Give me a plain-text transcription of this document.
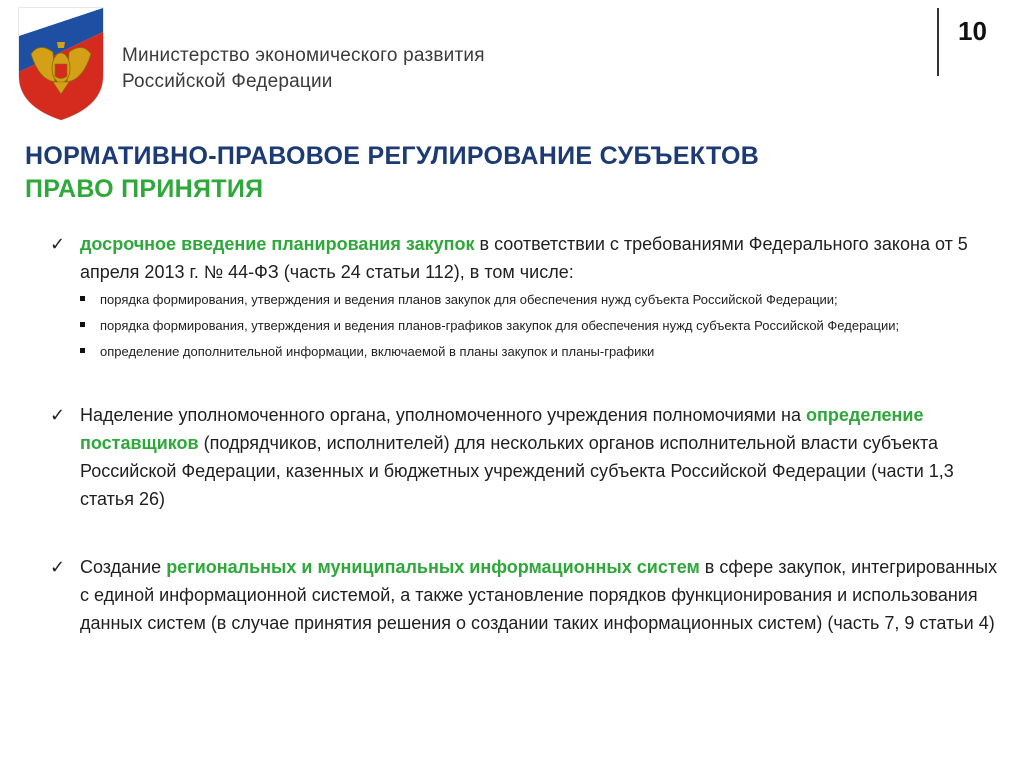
Министерство экономического развития
Российской Федерации
10
НОРМАТИВНО-ПРАВОВОЕ РЕГУЛИРОВАНИЕ СУБЪЕКТОВ
ПРАВО ПРИНЯТИЯ
✓ досрочное введение планирования закупок в соответствии с требованиями Федерального закона от 5 апреля 2013 г. № 44-ФЗ (часть 24 статьи 112), в том числе:
порядка формирования, утверждения и ведения планов закупок для обеспечения нужд субъекта Российской Федерации;
порядка формирования, утверждения и ведения планов-графиков закупок для обеспечения нужд субъекта Российской Федерации;
определение дополнительной информации, включаемой в планы закупок и планы-графики
✓ Наделение уполномоченного органа, уполномоченного учреждения полномочиями на определение поставщиков (подрядчиков, исполнителей) для нескольких органов исполнительной власти субъекта Российской Федерации, казенных и бюджетных учреждений субъекта Российской Федерации (части 1,3 статья 26)
✓ Создание региональных и муниципальных информационных систем в сфере закупок, интегрированных с единой информационной системой, а также установление порядков функционирования и использования данных систем (в случае принятия решения о создании таких информационных систем) (часть 7, 9 статьи 4)
